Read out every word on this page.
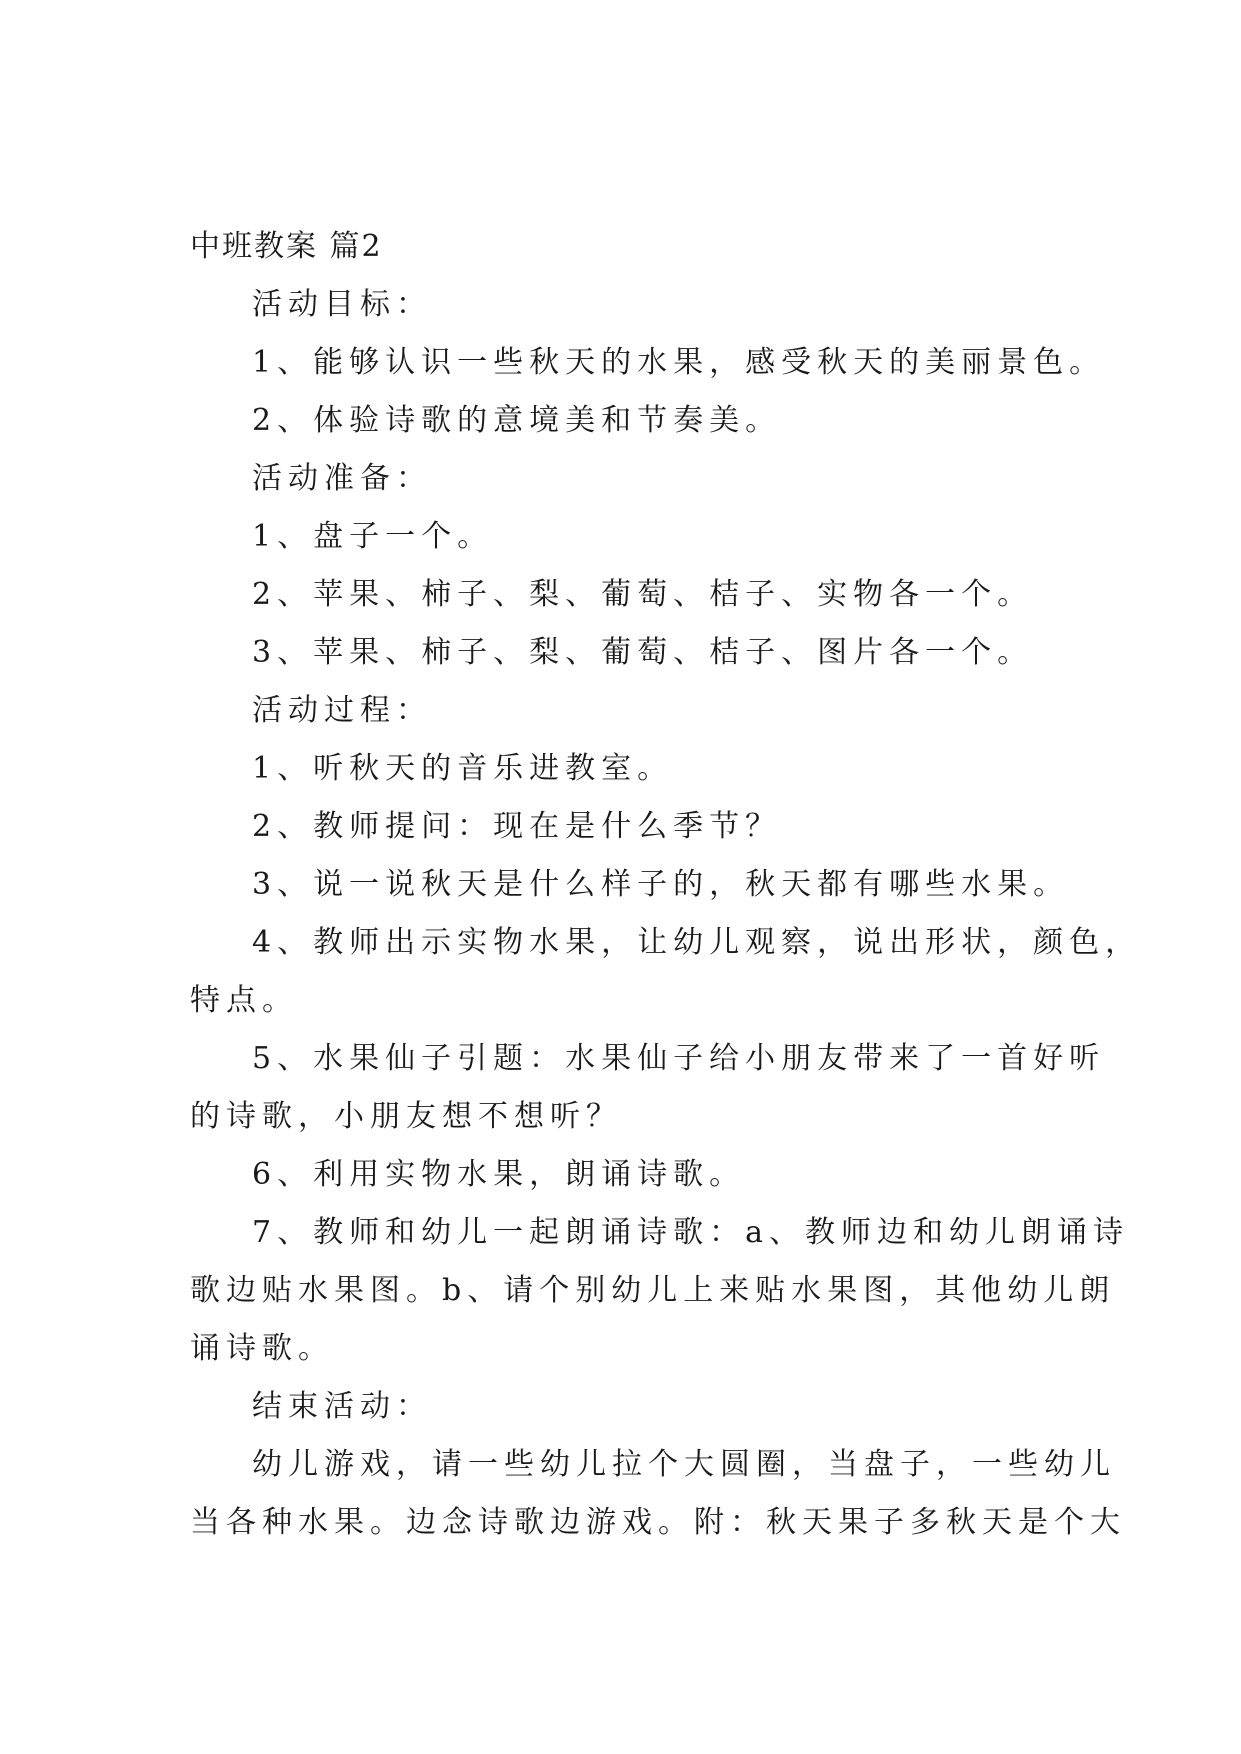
中班教案 篇2
活动目标：
1、能够认识一些秋天的水果，感受秋天的美丽景色。
2、体验诗歌的意境美和节奏美。
活动准备：
1、盘子一个。
2、苹果、柿子、梨、葡萄、桔子、实物各一个。
3、苹果、柿子、梨、葡萄、桔子、图片各一个。
活动过程：
1、听秋天的音乐进教室。
2、教师提问：现在是什么季节？
3、说一说秋天是什么样子的，秋天都有哪些水果。
4、教师出示实物水果，让幼儿观察，说出形状，颜色，
特点。
5、水果仙子引题：水果仙子给小朋友带来了一首好听
的诗歌，小朋友想不想听？
6、利用实物水果，朗诵诗歌。
7、教师和幼儿一起朗诵诗歌：a、教师边和幼儿朗诵诗
歌边贴水果图。b、请个别幼儿上来贴水果图，其他幼儿朗
诵诗歌。
结束活动：
幼儿游戏，请一些幼儿拉个大圆圈，当盘子，一些幼儿
当各种水果。边念诗歌边游戏。附：秋天果子多秋天是个大
